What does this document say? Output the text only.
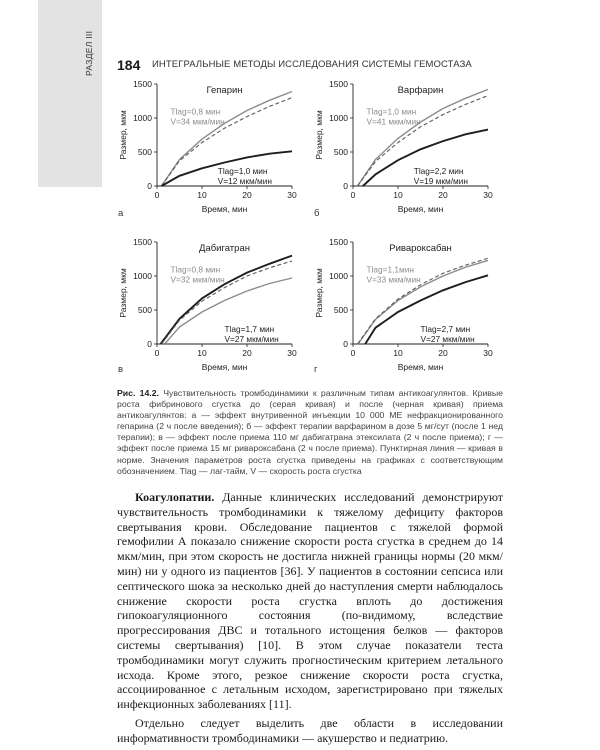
РАЗДЕЛ III 184 ИНТЕГРАЛЬНЫЕ МЕТОДЫ ИССЛЕДОВАНИЯ СИСТЕМЫ ГЕМОСТАЗА
0	10	20	30
0
500
1000
1500
Время, мин
Размер, мкм
Гепарин
Tlag=0,8 мин
V=34 мкм/мин
Tlag=1,0 мин
V=12 мкм/мин
а
0	10	20	30
0
500
1000
1500
Время, мин
Размер, мкм
Варфарин
Tlag=1,0 мин
V=41 мкм/мин
Tlag=2,2 мин
V=19 мкм/мин
б
0	10	20	30
0
500
1000
1500
Время, мин
Размер, мкм
Дабигатран
Tlag=0,8 мин
V=32 мкм/мин
Tlag=1,7 мин
V=27 мкм/мин
в
0	10	20	30
0
500
1000
1500
Время, мин
Размер, мкм
Ривароксабан
Tlag=1,1мин
V=33 мкм/мин
Tlag=2,7 мин
V=27 мкм/мин
г
Рис. 14.2. Чувствительность тромбодинамики к различным типам антикоагулянтов. Кривые роста фибринового сгустка до (серая кривая) и после (черная кривая) приема антикоагулянтов: а — эффект внутривенной инъекции 10 000 МЕ нефракционированного гепарина (2 ч после введения); б — эффект терапии варфарином в дозе 5 мг/сут (после 1 нед терапии); в — эффект после приема 110 мг дабигатрана этексилата (2 ч после приема); г — эффект после приема 15 мг ривароксабана (2 ч после приема). Пунктирная линия — кривая в норме. Значения параметров роста сгустка приведены на графиках с соответствующим обозначением. Tlag — лаг-тайм, V — скорость роста сгустка

Коагулопатии. Данные клинических исследований демонстрируют чувствительность тромбодинамики к тяжелому дефициту факторов свертывания крови. Обследование пациентов с тяжелой формой гемофилии А показало снижение скорости роста сгустка в среднем до 14 мкм/мин, при этом скорость не достигла нижней границы нормы (20 мкм/мин) ни у одного из пациентов [36]. У пациентов в состоянии сепсиса или септического шока за несколько дней до наступления смерти наблюдалось снижение скорости роста сгустка вплоть до достижения гипокоагуляционного состояния (по-видимому, вследствие прогрессирования ДВС и тотального истощения белков — факторов системы свертывания) [10]. В этом случае показатели теста тромбодинамики могут служить прогностическим критерием летального исхода. Кроме этого, резкое снижение скорости роста сгустка, ассоциированное с летальным исходом, зарегистрировано при тяжелых инфекционных заболеваниях [11].

Отдельно следует выделить две области в исследовании информативности тромбодинамики — акушерство и педиатрию.
